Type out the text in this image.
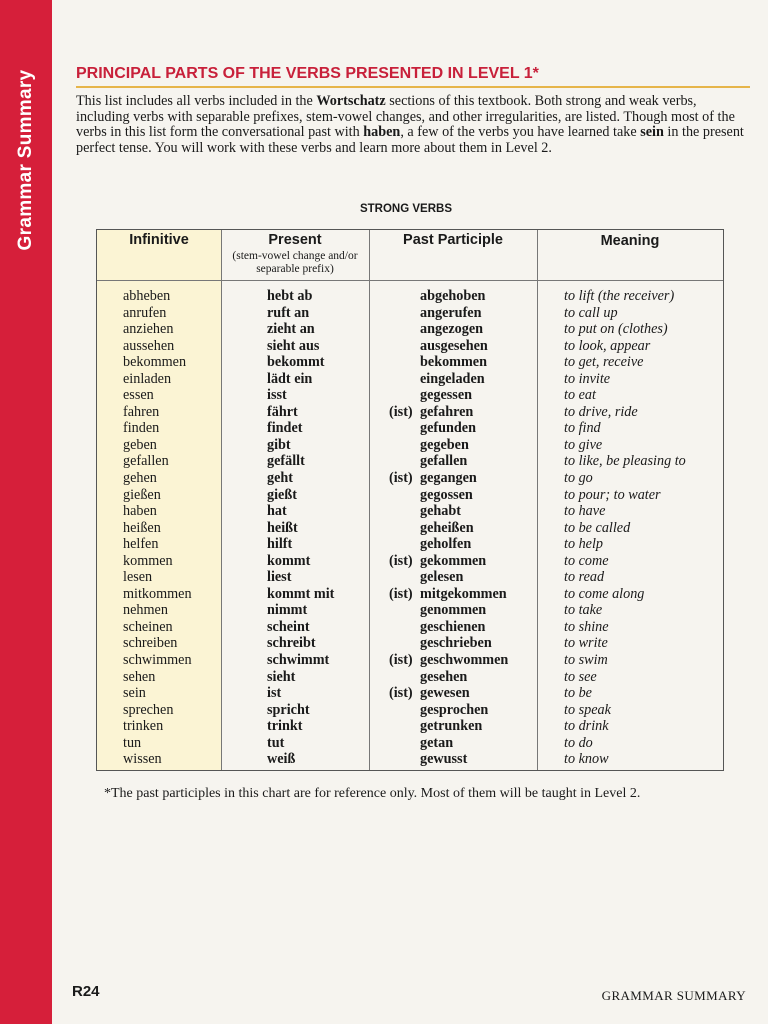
Grammar Summary	PRINCIPAL PARTS OF THE VERBS PRESENTED IN LEVEL 1*
This list includes all verbs included in the Wortschatz sections of this textbook. Both strong and weak verbs, including verbs with separable prefixes, stem-vowel changes, and other irregularities, are listed. Though most of the verbs in this list form the conversational past with haben, a few of the verbs you have learned take sein in the present perfect tense. You will work with these verbs and learn more about them in Level 2.
STRONG VERBS
Infinitive	Present
(stem-vowel change and/or separable prefix)
Past Participle	Meaning
abheben	hebt ab	abgehoben	to lift (the receiver)
anrufen	ruft an	angerufen	to call up
anziehen	zieht an	angezogen	to put on (clothes)
aussehen	sieht aus	ausgesehen	to look, appear
bekommen	bekommt	bekommen	to get, receive
einladen	lädt ein	eingeladen	to invite
essen	isst	gegessen	to eat
fahren	fährt	(ist) gefahren	to drive, ride
finden	findet	gefunden	to find
geben	gibt	gegeben	to give
gefallen	gefällt	gefallen	to like, be pleasing to
gehen	geht	(ist) gegangen	to go
gießen	gießt	gegossen	to pour; to water
haben	hat	gehabt	to have
heißen	heißt	geheißen	to be called
helfen	hilft	geholfen	to help
kommen	kommt	(ist) gekommen	to come
lesen	liest	gelesen	to read
mitkommen	kommt mit	(ist) mitgekommen	to come along
nehmen	nimmt	genommen	to take
scheinen	scheint	geschienen	to shine
schreiben	schreibt	geschrieben	to write
schwimmen	schwimmt	(ist) geschwommen	to swim
sehen	sieht	gesehen	to see
sein	ist	(ist) gewesen	to be
sprechen	spricht	gesprochen	to speak
trinken	trinkt	getrunken	to drink
tun	tut	getan	to do
wissen	weiß	gewusst	to know
*The past participles in this chart are for reference only. Most of them will be taught in Level 2.
R24	GRAMMAR SUMMARY
